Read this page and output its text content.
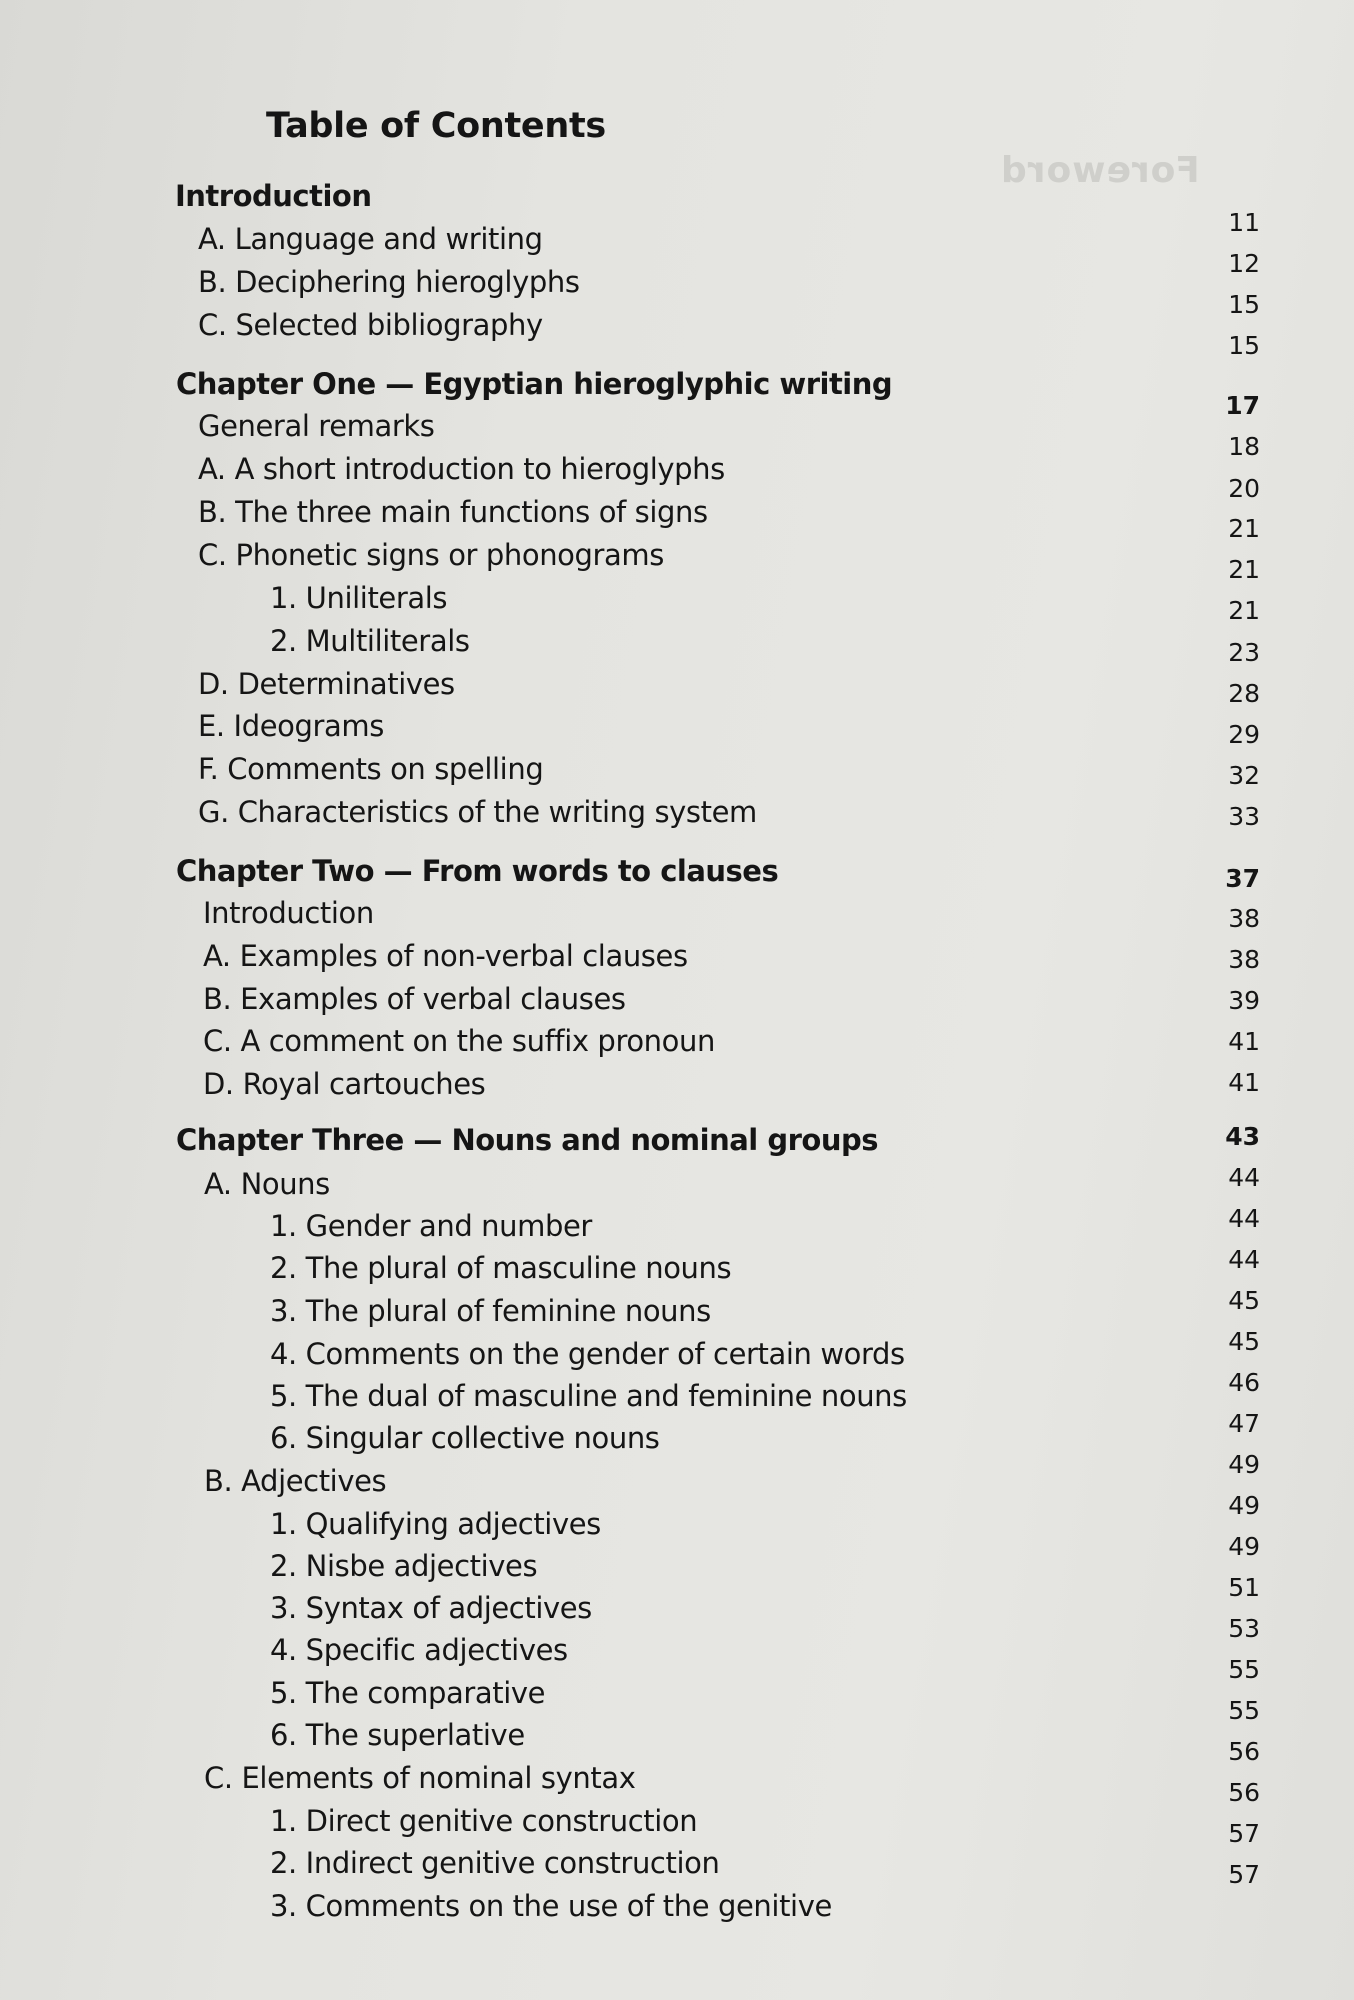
Foreword
Table of Contents
Introduction
A. Language and writing
B. Deciphering hieroglyphs
C. Selected bibliography
Chapter One — Egyptian hieroglyphic writing
General remarks
A. A short introduction to hieroglyphs
B. The three main functions of signs
C. Phonetic signs or phonograms
1. Uniliterals
2. Multiliterals
D. Determinatives
E. Ideograms
F. Comments on spelling
G. Characteristics of the writing system
Chapter Two — From words to clauses
Introduction
A. Examples of non-verbal clauses
B. Examples of verbal clauses
C. A comment on the suffix pronoun
D. Royal cartouches
Chapter Three — Nouns and nominal groups
A. Nouns
1. Gender and number
2. The plural of masculine nouns
3. The plural of feminine nouns
4. Comments on the gender of certain words
5. The dual of masculine and feminine nouns
6. Singular collective nouns
B. Adjectives
1. Qualifying adjectives
2. Nisbe adjectives
3. Syntax of adjectives
4. Specific adjectives
5. The comparative
6. The superlative
C. Elements of nominal syntax
1. Direct genitive construction
2. Indirect genitive construction
3. Comments on the use of the genitive
11
12
15
15
17
18
20
21
21
21
23
28
29
32
33
37
38
38
39
41
41
43
44
44
44
45
45
46
47
49
49
49
51
53
55
55
56
56
57
57
